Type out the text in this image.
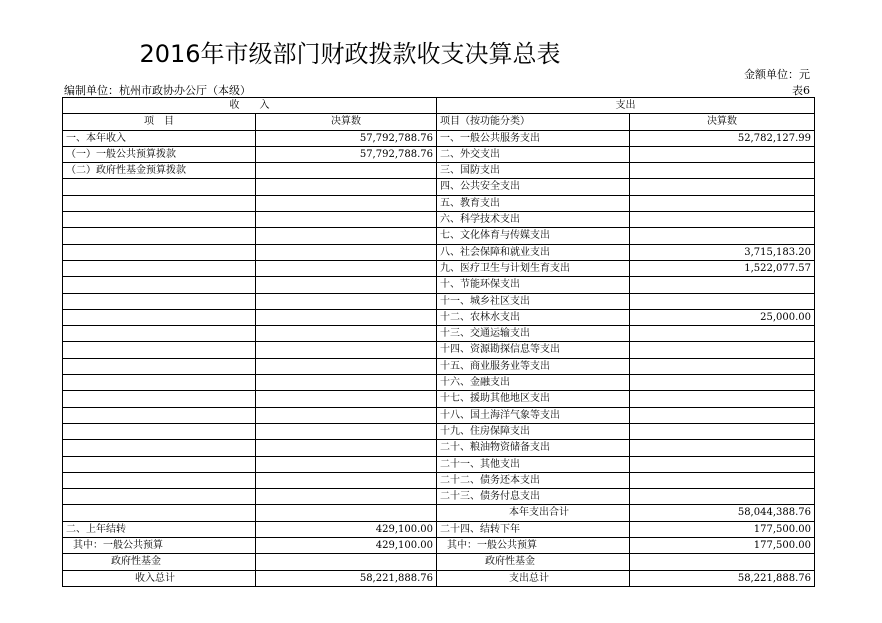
2016年市级部门财政拨款收支决算总表
金额单位：元
编制单位：杭州市政协办公厅（本级）	表6
收　　入		支出	
项　目	决算数	项目（按功能分类）	决算数
一、本年收入	57,792,788.76	一、一般公共服务支出	52,782,127.99
（一）一般公共预算拨款	57,792,788.76	二、外交支出	
（二）政府性基金预算拨款		三、国防支出	
		四、公共安全支出	
		五、教育支出	
		六、科学技术支出	
		七、文化体育与传媒支出	
		八、社会保障和就业支出	3,715,183.20
		九、医疗卫生与计划生育支出	1,522,077.57
		十、节能环保支出	
		十一、城乡社区支出	
		十二、农林水支出	25,000.00
		十三、交通运输支出	
		十四、资源勘探信息等支出	
		十五、商业服务业等支出	
		十六、金融支出	
		十七、援助其他地区支出	
		十八、国土海洋气象等支出	
		十九、住房保障支出	
		二十、粮油物资储备支出	
		二十一、其他支出	
		二十二、债务还本支出	
		二十三、债务付息支出	
		本年支出合计	58,044,388.76
二、上年结转	429,100.00	二十四、结转下年	177,500.00
其中：一般公共预算	429,100.00	其中：一般公共预算	177,500.00
政府性基金		政府性基金	
收入总计	58,221,888.76	支出总计	58,221,888.76
